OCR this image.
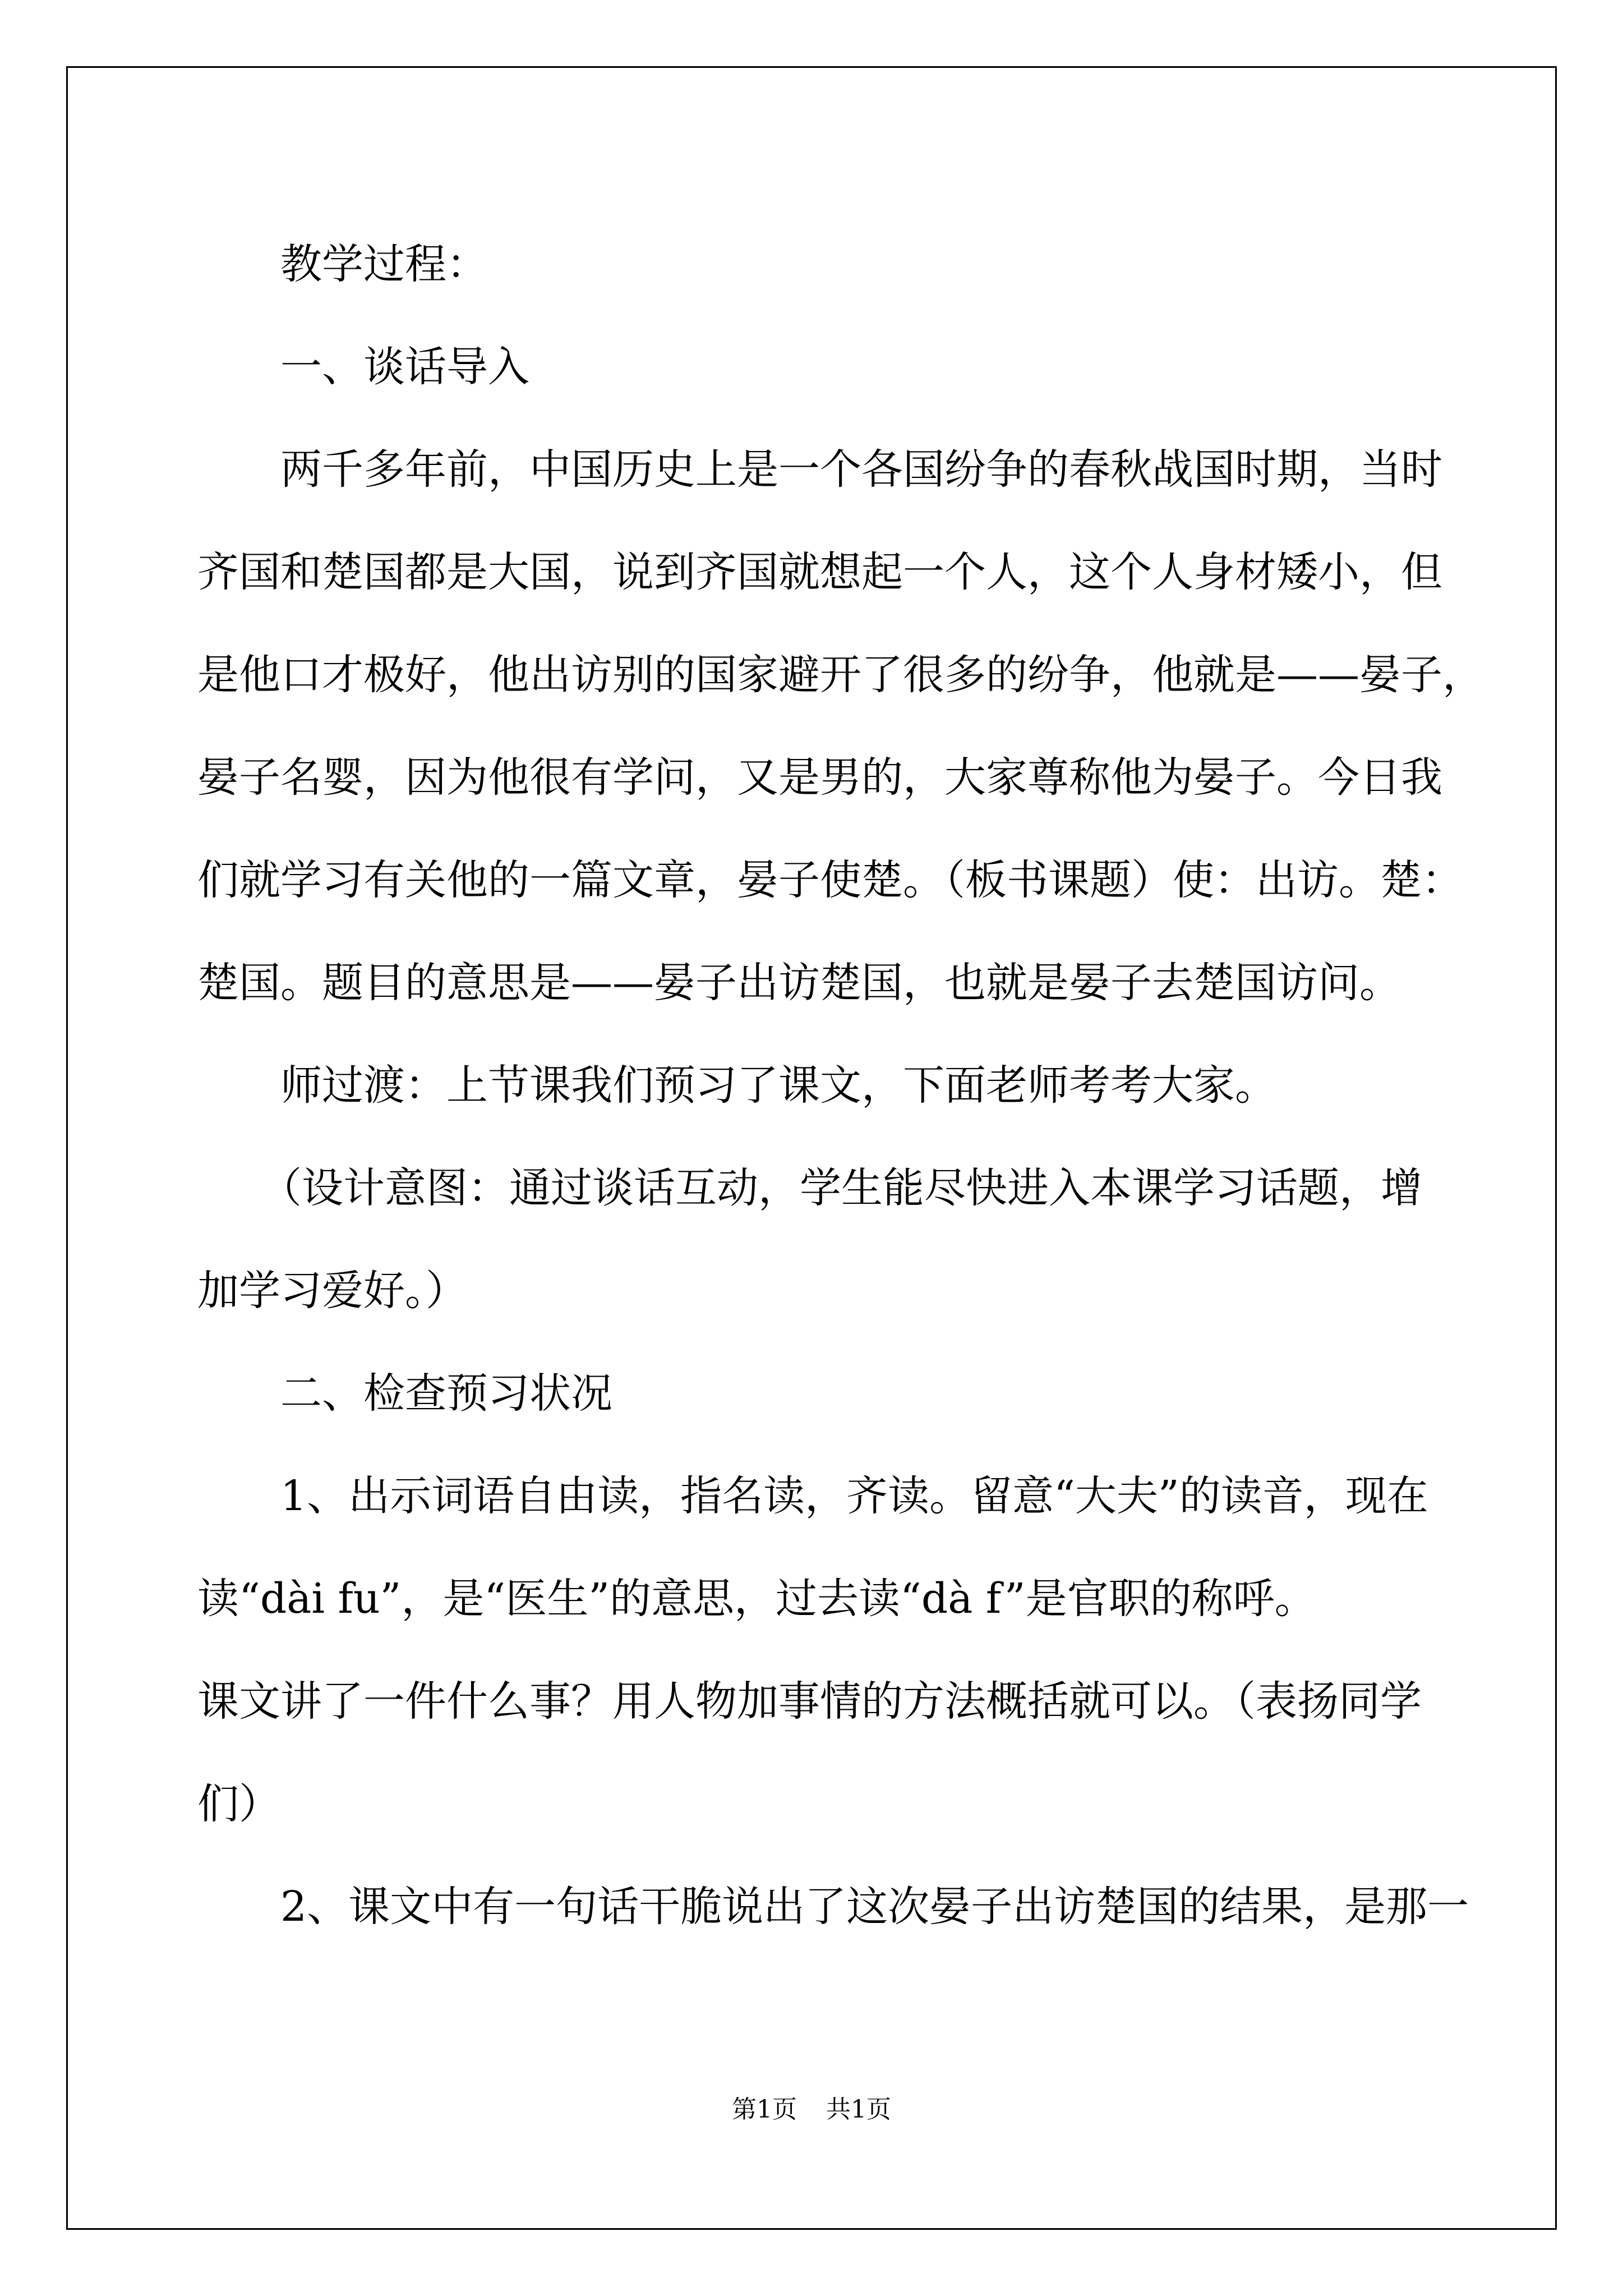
教学过程：
一、谈话导入
两千多年前，中国历史上是一个各国纷争的春秋战国时期，当时
齐国和楚国都是大国，说到齐国就想起一个人，这个人身材矮小，但
是他口才极好，他出访别的国家避开了很多的纷争，他就是——晏子，
晏子名婴，因为他很有学问，又是男的，大家尊称他为晏子。今日我
们就学习有关他的一篇文章，晏子使楚。（板书课题）使：出访。楚：
楚国。题目的意思是——晏子出访楚国，也就是晏子去楚国访问。
师过渡：上节课我们预习了课文，下面老师考考大家。
（设计意图：通过谈话互动，学生能尽快进入本课学习话题，增
加学习爱好。）
二、检查预习状况
1、出示词语自由读，指名读，齐读。留意“大夫”的读音，现在
读“dài fu”，是“医生”的意思，过去读“dà f”是官职的称呼。
课文讲了一件什么事？用人物加事情的方法概括就可以。（表扬同学
们）
2、课文中有一句话干脆说出了这次晏子出访楚国的结果，是那一
第1页 共1页
